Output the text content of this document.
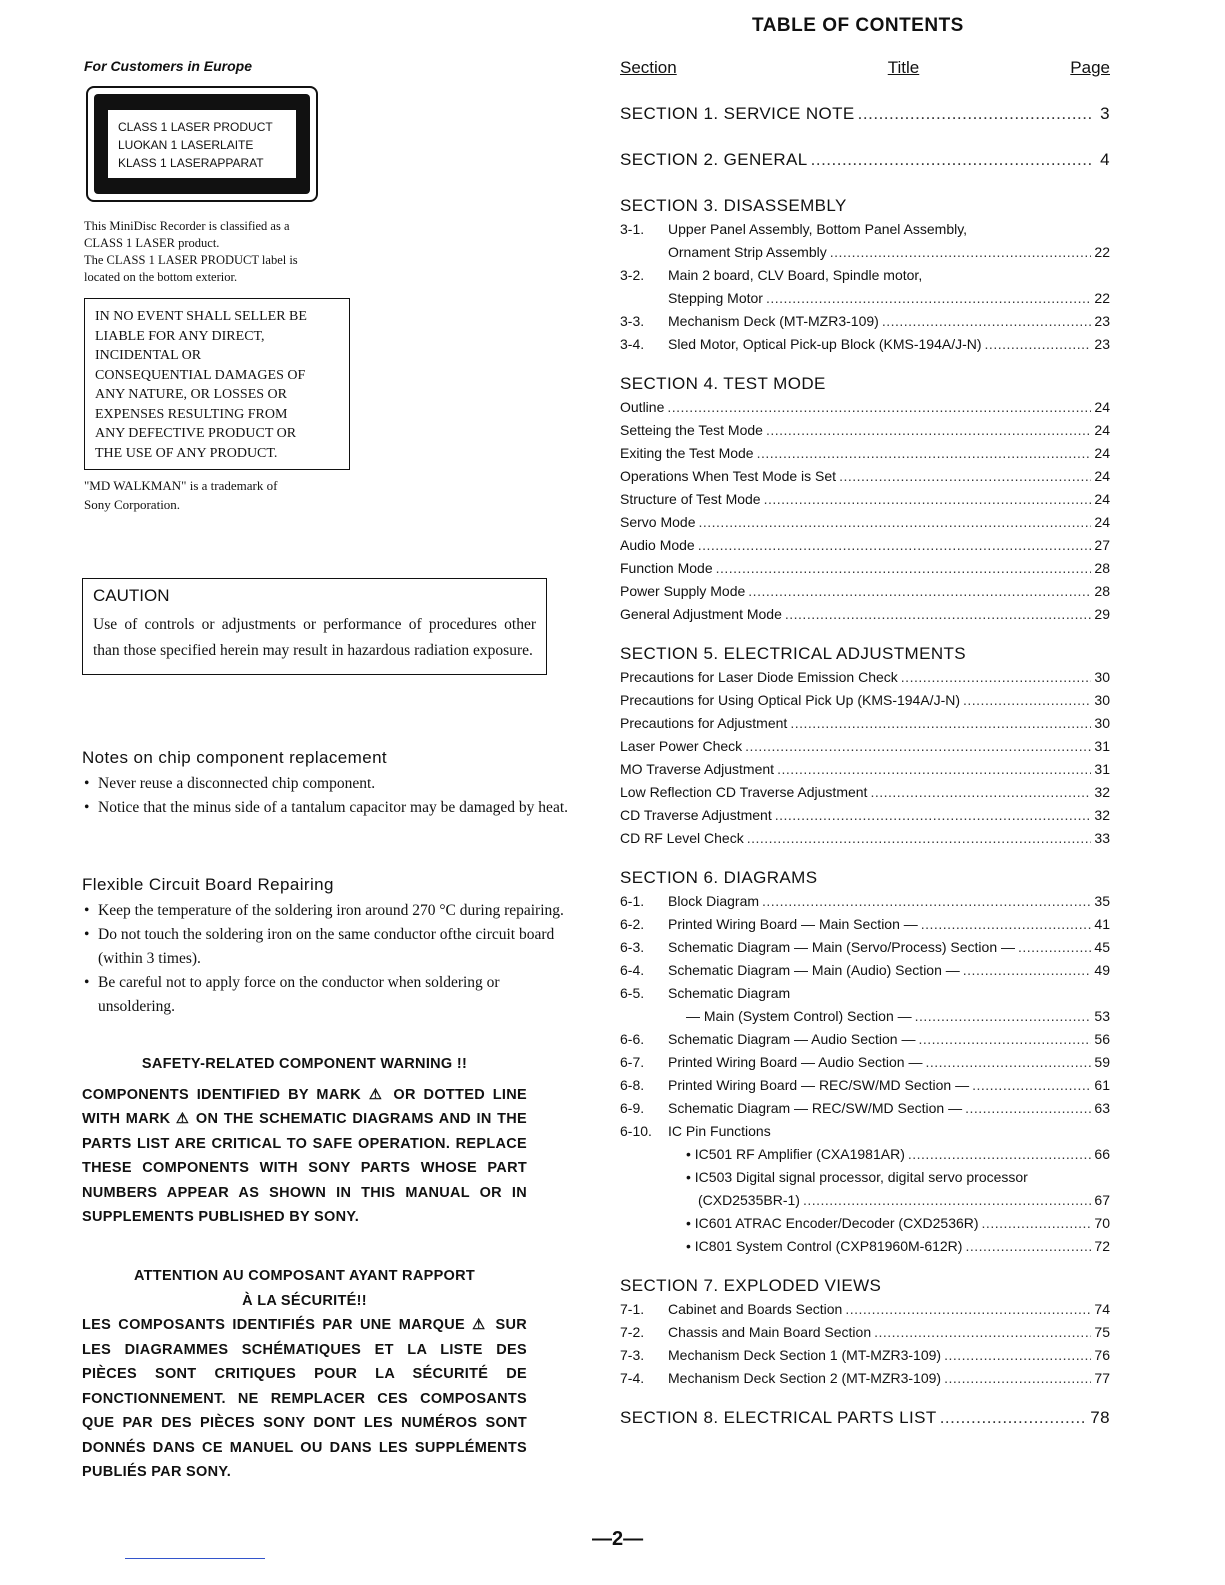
For Customers in Europe
CLASS 1 LASER PRODUCT
LUOKAN 1 LASERLAITE
KLASS 1 LASERAPPARAT
This MiniDisc Recorder is classified as a
CLASS 1 LASER product.
The CLASS 1 LASER PRODUCT label is
located on the bottom exterior.
IN NO EVENT SHALL SELLER BE
LIABLE FOR ANY DIRECT,
INCIDENTAL OR
CONSEQUENTIAL DAMAGES OF
ANY NATURE, OR LOSSES OR
EXPENSES RESULTING FROM
ANY DEFECTIVE PRODUCT OR
THE USE OF ANY PRODUCT.
"MD WALKMAN" is a trademark of
Sony Corporation.
CAUTION
Use of controls or adjustments or performance of procedures other than those specified herein may result in hazardous radiation exposure.
Notes on chip component replacement
• Never reuse a disconnected chip component.
• Notice that the minus side of a tantalum capacitor may be damaged by heat.
Flexible Circuit Board Repairing
• Keep the temperature of the soldering iron around 270 °C during repairing.
• Do not touch the soldering iron on the same conductor ofthe circuit board (within 3 times).
• Be careful not to apply force on the conductor when soldering or unsoldering.
SAFETY-RELATED COMPONENT WARNING !!
COMPONENTS IDENTIFIED BY MARK ⚠ OR DOTTED LINE WITH MARK ⚠ ON THE SCHEMATIC DIAGRAMS AND IN THE PARTS LIST ARE CRITICAL TO SAFE OPERATION. REPLACE THESE COMPONENTS WITH SONY PARTS WHOSE PART NUMBERS APPEAR AS SHOWN IN THIS MANUAL OR IN SUPPLEMENTS PUBLISHED BY SONY.
ATTENTION AU COMPOSANT AYANT RAPPORT
À LA SÉCURITÉ!!
LES COMPOSANTS IDENTIFIÉS PAR UNE MARQUE ⚠ SUR LES DIAGRAMMES SCHÉMATIQUES ET LA LISTE DES PIÈCES SONT CRITIQUES POUR LA SÉCURITÉ DE FONCTIONNEMENT. NE REMPLACER CES COMPOSANTS QUE PAR DES PIÈCES SONY DONT LES NUMÉROS SONT DONNÉS DANS CE MANUEL OU DANS LES SUPPLÉMENTS PUBLIÉS PAR SONY.
TABLE OF CONTENTS
Section	Title	Page
SECTION 1. SERVICE NOTE .....	3
SECTION 2. GENERAL .....	4
SECTION 3. DISASSEMBLY
3-1.	Upper Panel Assembly, Bottom Panel Assembly,
Ornament Strip Assembly .....	22
3-2.	Main 2 board, CLV Board, Spindle motor,
Stepping Motor .....	22
3-3.	Mechanism Deck (MT-MZR3-109) .....	23
3-4.	Sled Motor, Optical Pick-up Block (KMS-194A/J-N) .....	23
SECTION 4. TEST MODE
Outline .....	24
Setteing the Test Mode .....	24
Exiting the Test Mode .....	24
Operations When Test Mode is Set .....	24
Structure of Test Mode .....	24
Servo Mode .....	24
Audio Mode .....	27
Function Mode .....	28
Power Supply Mode .....	28
General Adjustment Mode .....	29
SECTION 5. ELECTRICAL ADJUSTMENTS
Precautions for Laser Diode Emission Check .....	30
Precautions for Using Optical Pick Up (KMS-194A/J-N) .....	30
Precautions for Adjustment .....	30
Laser Power Check .....	31
MO Traverse Adjustment .....	31
Low Reflection CD Traverse Adjustment .....	32
CD Traverse Adjustment .....	32
CD RF Level Check .....	33
SECTION 6. DIAGRAMS
6-1.	Block Diagram .....	35
6-2.	Printed Wiring Board — Main Section — .....	41
6-3.	Schematic Diagram — Main (Servo/Process) Section — .....	45
6-4.	Schematic Diagram — Main (Audio) Section — .....	49
6-5.	Schematic Diagram
— Main (System Control) Section — .....	53
6-6.	Schematic Diagram — Audio Section — .....	56
6-7.	Printed Wiring Board — Audio Section — .....	59
6-8.	Printed Wiring Board — REC/SW/MD Section — .....	61
6-9.	Schematic Diagram — REC/SW/MD Section — .....	63
6-10.	IC Pin Functions
• IC501 RF Amplifier (CXA1981AR) .....	66
• IC503 Digital signal processor, digital servo processor
(CXD2535BR-1) .....	67
• IC601 ATRAC Encoder/Decoder (CXD2536R) .....	70
• IC801 System Control (CXP81960M-612R) .....	72
SECTION 7. EXPLODED VIEWS
7-1.	Cabinet and Boards Section .....	74
7-2.	Chassis and Main Board Section .....	75
7-3.	Mechanism Deck Section 1 (MT-MZR3-109) .....	76
7-4.	Mechanism Deck Section 2 (MT-MZR3-109) .....	77
SECTION 8. ELECTRICAL PARTS LIST .....	78
—2—
